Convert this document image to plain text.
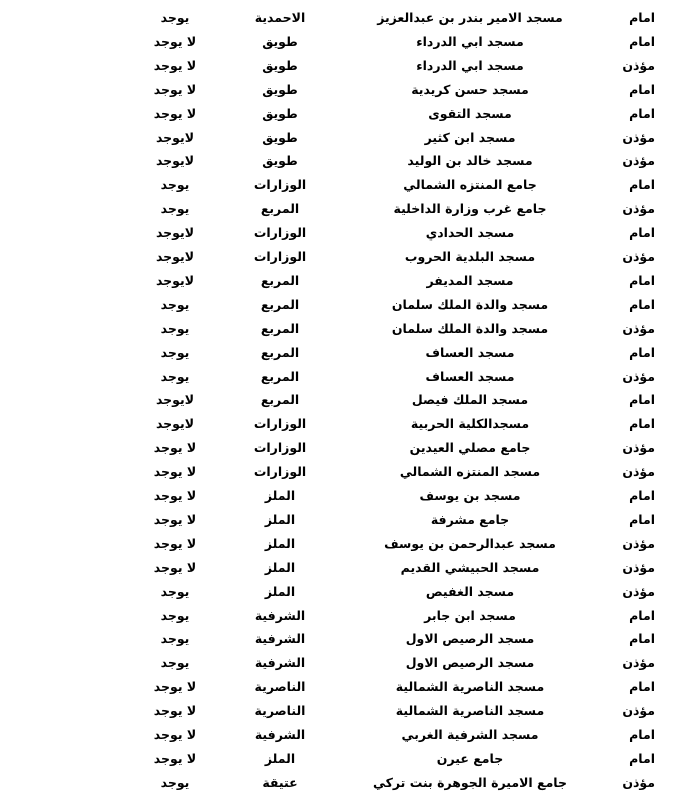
امام
مسجد الامير بندر بن عبدالعزيز
الاحمدية
يوجد
امام
مسجد ابي الدرداء
طويق
لا يوجد
مؤذن
مسجد ابي الدرداء
طويق
لا يوجد
امام
مسجد حسن كريدية
طويق
لا يوجد
امام
مسجد التقوى
طويق
لا يوجد
مؤذن
مسجد ابن كثير
طويق
لايوجد
مؤذن
مسجد خالد بن الوليد
طويق
لايوجد
امام
جامع المنتزه الشمالي
الوزارات
يوجد
مؤذن
جامع غرب وزارة الداخلية
المربع
يوجد
امام
مسجد الحدادي
الوزارات
لايوجد
مؤذن
مسجد البلدية الحروب
الوزارات
لايوجد
امام
مسجد المديفر
المربع
لايوجد
امام
مسجد والدة الملك سلمان
المربع
يوجد
مؤذن
مسجد والدة الملك سلمان
المربع
يوجد
امام
مسجد العساف
المربع
يوجد
مؤذن
مسجد العساف
المربع
يوجد
امام
مسجد الملك فيصل
المربع
لايوجد
امام
مسجدالكلية الحربية
الوزارات
لايوجد
مؤذن
جامع مصلي العيدين
الوزارات
لا يوجد
مؤذن
مسجد المنتزه الشمالي
الوزارات
لا يوجد
امام
مسجد بن يوسف
الملز
لا يوجد
امام
جامع مشرفة
الملز
لا يوجد
مؤذن
مسجد عبدالرحمن بن يوسف
الملز
لا يوجد
مؤذن
مسجد الحبيشي القديم
الملز
لا يوجد
مؤذن
مسجد الغفيص
الملز
يوجد
امام
مسجد ابن جابر
الشرفية
يوجد
امام
مسجد الرصيص الاول
الشرفية
يوجد
مؤذن
مسجد الرصيص الاول
الشرفية
يوجد
امام
مسجد الناصرية الشمالية
الناصرية
لا يوجد
مؤذن
مسجد الناصرية الشمالية
الناصرية
لا يوجد
امام
مسجد الشرفية الغربي
الشرفية
لا يوجد
امام
جامع عيرن
الملز
لا يوجد
مؤذن
جامع الاميرة الجوهرة بنت تركي
عتيقة
يوجد
